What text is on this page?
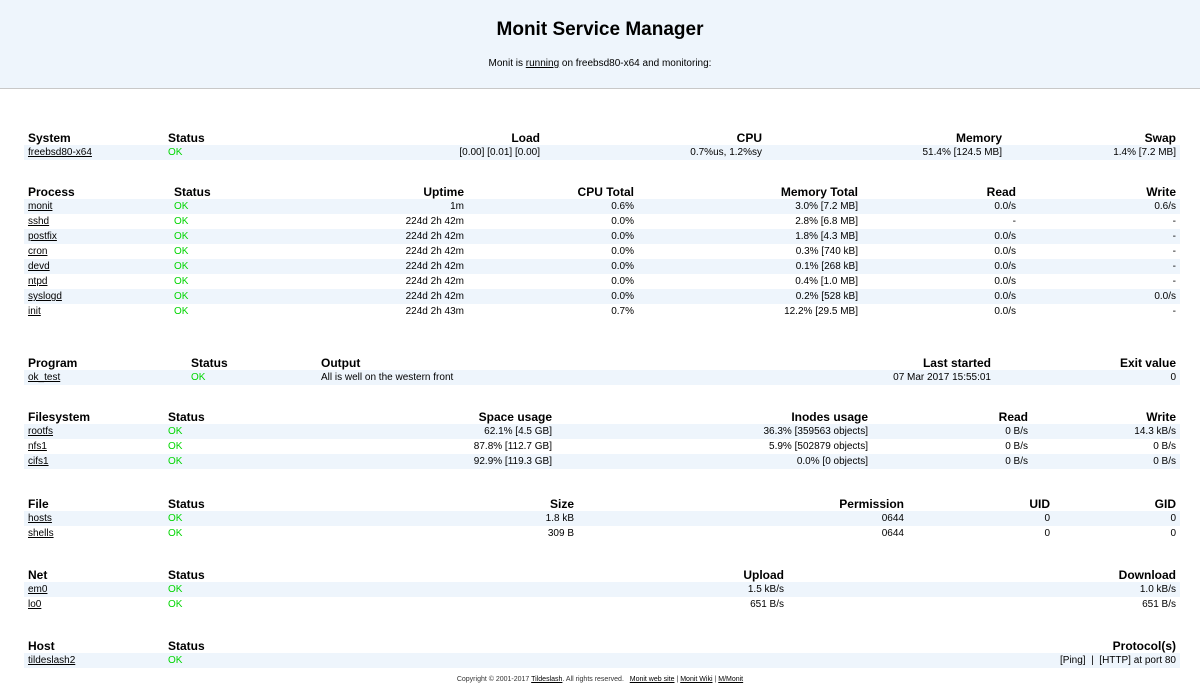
Monit Service Manager
Monit is running on freebsd80-x64 and monitoring:
System	Status	Load	CPU	Memory	Swap
freebsd80-x64	OK	[0.00] [0.01] [0.00]	0.7%us, 1.2%sy	51.4% [124.5 MB]	1.4% [7.2 MB]
Process	Status	Uptime	CPU Total	Memory Total	Read	Write
monit	OK	1m	0.6%	3.0% [7.2 MB]	0.0/s	0.6/s
sshd	OK	224d 2h 42m	0.0%	2.8% [6.8 MB]	-	-
postfix	OK	224d 2h 42m	0.0%	1.8% [4.3 MB]	0.0/s	-
cron	OK	224d 2h 42m	0.0%	0.3% [740 kB]	0.0/s	-
devd	OK	224d 2h 42m	0.0%	0.1% [268 kB]	0.0/s	-
ntpd	OK	224d 2h 42m	0.0%	0.4% [1.0 MB]	0.0/s	-
syslogd	OK	224d 2h 42m	0.0%	0.2% [528 kB]	0.0/s	0.0/s
init	OK	224d 2h 43m	0.7%	12.2% [29.5 MB]	0.0/s	-
Program	Status	Output	Last started	Exit value
ok_test	OK	All is well on the western front	07 Mar 2017 15:55:01	0
Filesystem	Status	Space usage	Inodes usage	Read	Write
rootfs	OK	62.1% [4.5 GB]	36.3% [359563 objects]	0 B/s	14.3 kB/s
nfs1	OK	87.8% [112.7 GB]	5.9% [502879 objects]	0 B/s	0 B/s
cifs1	OK	92.9% [119.3 GB]	0.0% [0 objects]	0 B/s	0 B/s
File	Status	Size	Permission	UID	GID
hosts	OK	1.8 kB	0644	0	0
shells	OK	309 B	0644	0	0
Net	Status	Upload	Download
em0	OK	1.5 kB/s	1.0 kB/s
lo0	OK	651 B/s	651 B/s
Host	Status	Protocol(s)
tildeslash2	OK	[Ping]  |  [HTTP] at port 80
Copyright © 2001-2017 Tildeslash. All rights reserved. Monit web site | Monit Wiki | M/Monit
